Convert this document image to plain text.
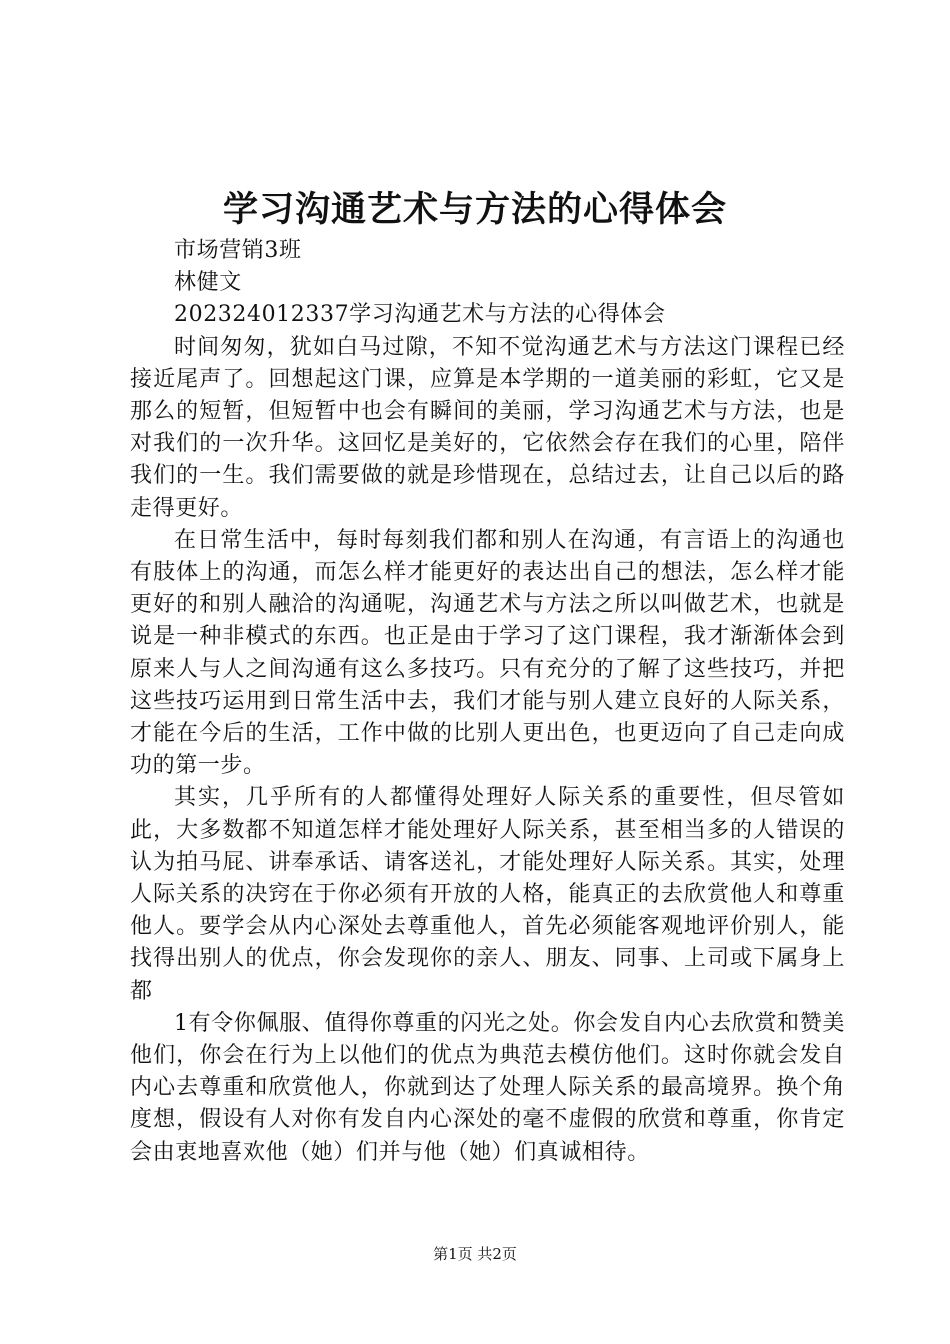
学习沟通艺术与方法的心得体会

市场营销3班

林健文

202324012337学习沟通艺术与方法的心得体会

时间匆匆，犹如白马过隙，不知不觉沟通艺术与方法这门课程已经接近尾声了。回想起这门课，应算是本学期的一道美丽的彩虹，它又是那么的短暂，但短暂中也会有瞬间的美丽，学习沟通艺术与方法，也是对我们的一次升华。这回忆是美好的，它依然会存在我们的心里，陪伴我们的一生。我们需要做的就是珍惜现在，总结过去，让自己以后的路走得更好。

在日常生活中，每时每刻我们都和别人在沟通，有言语上的沟通也有肢体上的沟通，而怎么样才能更好的表达出自己的想法，怎么样才能更好的和别人融洽的沟通呢，沟通艺术与方法之所以叫做艺术，也就是说是一种非模式的东西。也正是由于学习了这门课程，我才渐渐体会到原来人与人之间沟通有这么多技巧。只有充分的了解了这些技巧，并把这些技巧运用到日常生活中去，我们才能与别人建立良好的人际关系，才能在今后的生活，工作中做的比别人更出色，也更迈向了自己走向成功的第一步。

其实，几乎所有的人都懂得处理好人际关系的重要性，但尽管如此，大多数都不知道怎样才能处理好人际关系，甚至相当多的人错误的认为拍马屁、讲奉承话、请客送礼，才能处理好人际关系。其实，处理人际关系的决窍在于你必须有开放的人格，能真正的去欣赏他人和尊重他人。要学会从内心深处去尊重他人，首先必须能客观地评价别人，能找得出别人的优点，你会发现你的亲人、朋友、同事、上司或下属身上都

1有令你佩服、值得你尊重的闪光之处。你会发自内心去欣赏和赞美他们，你会在行为上以他们的优点为典范去模仿他们。这时你就会发自内心去尊重和欣赏他人，你就到达了处理人际关系的最高境界。换个角度想，假设有人对你有发自内心深处的毫不虚假的欣赏和尊重，你肯定会由衷地喜欢他（她）们并与他（她）们真诚相待。

第1页 共2页
